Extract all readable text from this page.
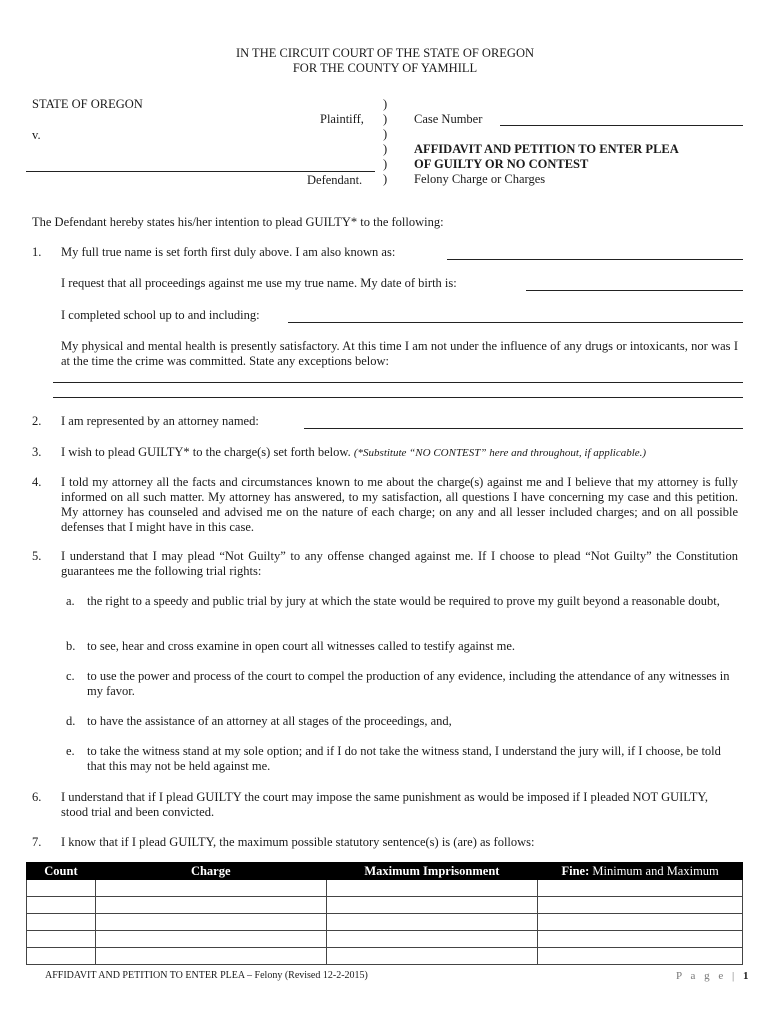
IN THE CIRCUIT COURT OF THE STATE OF OREGON
FOR THE COUNTY OF YAMHILL
STATE OF OREGON
Plaintiff,
v.
Defendant.
)
)
)
)
)
)
Case Number
AFFIDAVIT AND PETITION TO ENTER PLEA
OF GUILTY OR NO CONTEST
Felony Charge or Charges
The Defendant hereby states his/her intention to plead GUILTY* to the following:
1. My full true name is set forth first duly above. I am also known as:
I request that all proceedings against me use my true name. My date of birth is:
I completed school up to and including:
My physical and mental health is presently satisfactory. At this time I am not under the influence of any drugs or intoxicants, nor was I at the time the crime was committed. State any exceptions below:
2. I am represented by an attorney named:
3. I wish to plead GUILTY* to the charge(s) set forth below. (*Substitute “NO CONTEST” here and throughout, if applicable.)
4. I told my attorney all the facts and circumstances known to me about the charge(s) against me and I believe that my attorney is fully informed on all such matter. My attorney has answered, to my satisfaction, all questions I have concerning my case and this petition. My attorney has counseled and advised me on the nature of each charge; on any and all lesser included charges; and on all possible defenses that I might have in this case.
5. I understand that I may plead “Not Guilty” to any offense changed against me. If I choose to plead “Not Guilty” the Constitution guarantees me the following trial rights:
a. the right to a speedy and public trial by jury at which the state would be required to prove my guilt beyond a reasonable doubt,
b. to see, hear and cross examine in open court all witnesses called to testify against me.
c. to use the power and process of the court to compel the production of any evidence, including the attendance of any witnesses in my favor.
d. to have the assistance of an attorney at all stages of the proceedings, and,
e. to take the witness stand at my sole option; and if I do not take the witness stand, I understand the jury will, if I choose, be told that this may not be held against me.
6. I understand that if I plead GUILTY the court may impose the same punishment as would be imposed if I pleaded NOT GUILTY, stood trial and been convicted.
7. I know that if I plead GUILTY, the maximum possible statutory sentence(s) is (are) as follows:
Count	Charge	Maximum Imprisonment	Fine: Minimum and Maximum

AFFIDAVIT AND PETITION TO ENTER PLEA – Felony (Revised 12-2-2015)	P a g e | 1
